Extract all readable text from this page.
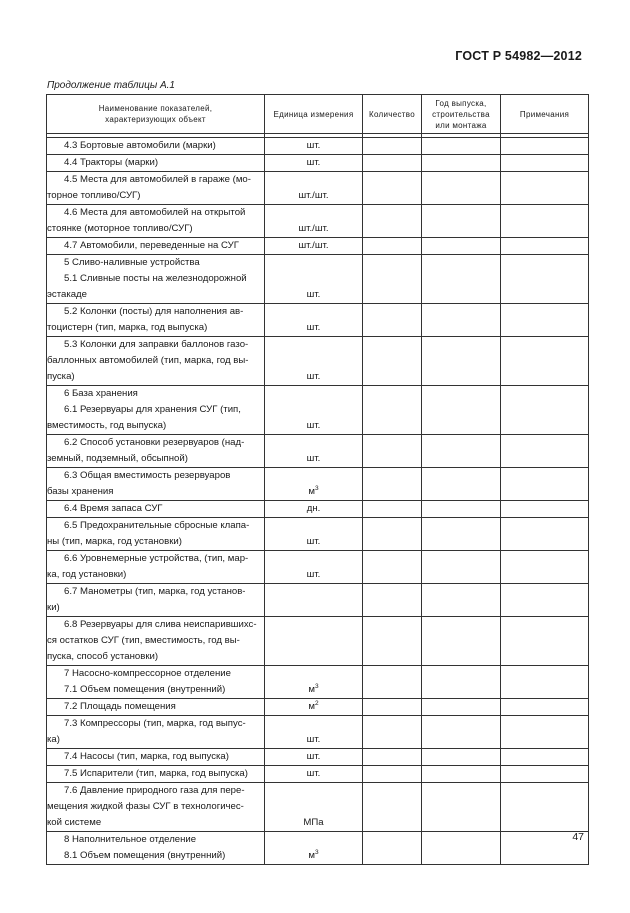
ГОСТ Р 54982—2012
Продолжение таблицы А.1
Наименование показателей,
характеризующих объект	Единица измерения	Количество	Год выпуска,
строительства
или монтажа	Примечания

4.3 Бортовые автомобили (марки)	шт.			

4.4 Тракторы (марки)	шт.			

4.5 Места для автомобилей в гараже (мо-
торное топливо/СУГ)	шт./шт.			

4.6 Места для автомобилей на открытой
стоянке (моторное топливо/СУГ)	шт./шт.			

4.7 Автомобили, переведенные на СУГ	шт./шт.			

5 Сливо-наливные устройства
5.1 Сливные посты на железнодорожной
эстакаде	шт.			

5.2 Колонки (посты) для наполнения ав-
тоцистерн (тип, марка, год выпуска)	шт.			

5.3 Колонки для заправки баллонов газо-
баллонных автомобилей (тип, марка, год вы-
пуска)	шт.			

6 База хранения
6.1 Резервуары для хранения СУГ (тип,
вместимость, год выпуска)	шт.			

6.2 Способ установки резервуаров (над-
земный, подземный, обсыпной)	шт.			

6.3 Общая вместимость резервуаров
базы хранения	$м^3$			

6.4 Время запаса СУГ	дн.			

6.5 Предохранительные сбросные клапа-
ны (тип, марка, год установки)	шт.			

6.6 Уровнемерные устройства, (тип, мар-
ка, год установки)	шт.			

6.7 Манометры (тип, марка, год установ-
ки)				

6.8 Резервуары для слива неиспарившихс-
ся остатков СУГ (тип, вместимость, год вы-
пуска, способ установки)				

7 Насосно-компрессорное отделение
7.1 Объем помещения (внутренний)	$м^3$			

7.2 Площадь помещения	$м^2$			

7.3 Компрессоры (тип, марка, год выпус-
ка)	шт.			

7.4 Насосы (тип, марка, год выпуска)	шт.			

7.5 Испарители (тип, марка, год выпуска)	шт.			

7.6 Давление природного газа для пере-
мещения жидкой фазы СУГ в технологичес-
кой системе	МПа			

8 Наполнительное отделение
8.1 Объем помещения (внутренний)	$м^3$			
47
